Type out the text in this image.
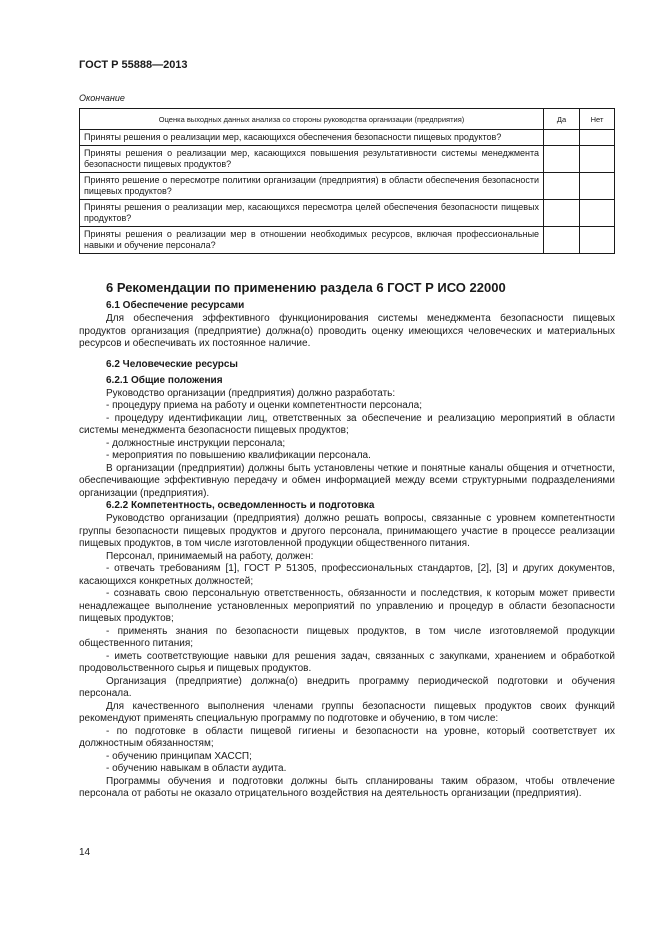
ГОСТ Р 55888—2013
Окончание
Оценка выходных данных анализа со стороны руководства организации (предприятия)	Да	Нет
Приняты решения о реализации мер, касающихся обеспечения безопасности пищевых продуктов?		
Приняты решения о реализации мер, касающихся повышения результативности системы менеджмента безопасности пищевых продуктов?		
Принято решение о пересмотре политики организации (предприятия) в области обеспечения безопасности пищевых продуктов?		
Приняты решения о реализации мер, касающихся пересмотра целей обеспечения безопасности пищевых продуктов?		
Приняты решения о реализации мер в отношении необходимых ресурсов, включая профессиональные навыки и обучение персонала?		
6 Рекомендации по применению раздела 6 ГОСТ Р ИСО 22000
6.1 Обеспечение ресурсами

Для обеспечения эффективного функционирования системы менеджмента безопасности пищевых продуктов организация (предприятие) должна(о) проводить оценку имеющихся человеческих и материальных ресурсов и обеспечивать их постоянное наличие.

6.2 Человеческие ресурсы
6.2.1 Общие положения

Руководство организации (предприятия) должно разработать:

- процедуру приема на работу и оценки компетентности персонала;

- процедуру идентификации лиц, ответственных за обеспечение и реализацию мероприятий в области системы менеджмента безопасности пищевых продуктов;

- должностные инструкции персонала;

- мероприятия по повышению квалификации персонала.

В организации (предприятии) должны быть установлены четкие и понятные каналы общения и отчетности, обеспечивающие эффективную передачу и обмен информацией между всеми структурными подразделениями организации (предприятия).

6.2.2 Компетентность, осведомленность и подготовка

Руководство организации (предприятия) должно решать вопросы, связанные с уровнем компетентности группы безопасности пищевых продуктов и другого персонала, принимающего участие в процессе реализации пищевых продуктов, в том числе изготовленной продукции общественного питания.

Персонал, принимаемый на работу, должен:

- отвечать требованиям [1], ГОСТ Р 51305, профессиональных стандартов, [2], [3] и других документов, касающихся конкретных должностей;

- сознавать свою персональную ответственность, обязанности и последствия, к которым может привести ненадлежащее выполнение установленных мероприятий по управлению и процедур в области безопасности пищевых продуктов;

- применять знания по безопасности пищевых продуктов, в том числе изготовляемой продукции общественного питания;

- иметь соответствующие навыки для решения задач, связанных с закупками, хранением и обработкой продовольственного сырья и пищевых продуктов.

Организация (предприятие) должна(о) внедрить программу периодической подготовки и обучения персонала.

Для качественного выполнения членами группы безопасности пищевых продуктов своих функций рекомендуют применять специальную программу по подготовке и обучению, в том числе:

- по подготовке в области пищевой гигиены и безопасности на уровне, который соответствует их должностным обязанностям;

- обучению принципам ХАССП;

- обучению навыкам в области аудита.

Программы обучения и подготовки должны быть спланированы таким образом, чтобы отвлечение персонала от работы не оказало отрицательного воздействия на деятельность организации (предприятия).

14
